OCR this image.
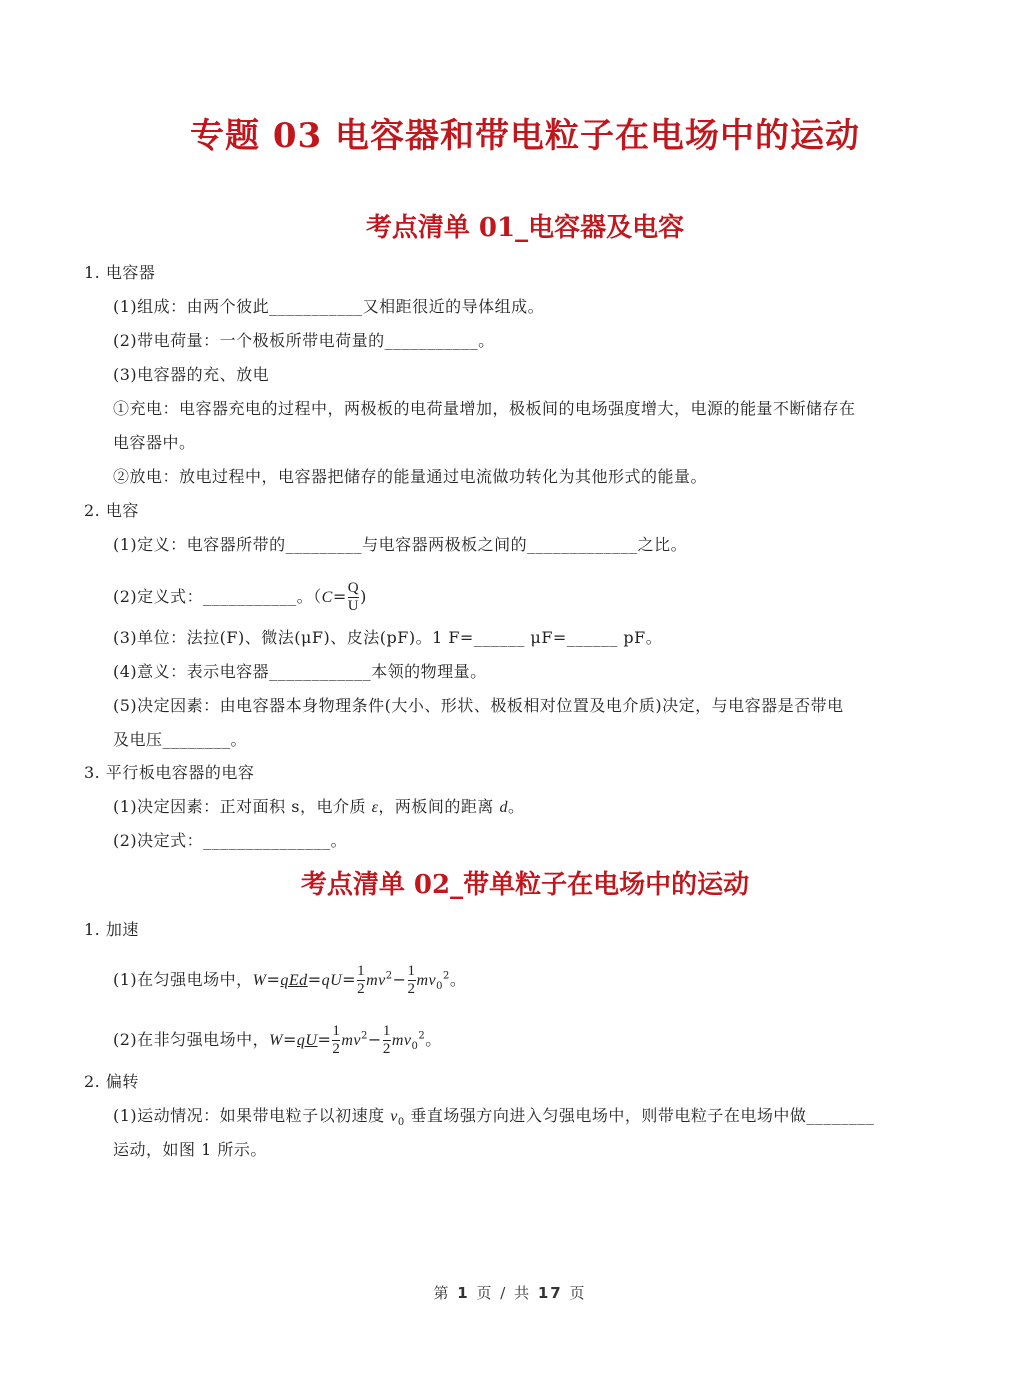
专题 03 电容器和带电粒子在电场中的运动
考点清单 01_电容器及电容
考点清单 02_带单粒子在电场中的运动
1. 电容器
(1)组成：由两个彼此___________又相距很近的导体组成。
(2)带电荷量：一个极板所带电荷量的___________。
(3)电容器的充、放电
①充电：电容器充电的过程中，两极板的电荷量增加，极板间的电场强度增大，电源的能量不断储存在
电容器中。
②放电：放电过程中，电容器把储存的能量通过电流做功转化为其他形式的能量。
2. 电容
(1)定义：电容器所带的_________与电容器两极板之间的_____________之比。
(2)定义式：___________。（$C= \frac{Q}{U}$ )
(3)单位：法拉(F)、微法(μF)、皮法(pF)。1 F=______ μF=______ pF。
(4)意义：表示电容器____________本领的物理量。
(5)决定因素：由电容器本身物理条件(大小、形状、极板相对位置及电介质)决定，与电容器是否带电
及电压________。
3. 平行板电容器的电容
(1)决定因素：正对面积 s，电介质 ε，两板间的距离 d。
(2)决定式：_______________。
1. 加速
(1)在匀强电场中，$W=qEd=qU= \frac{1}{2} mv^2- \frac{1}{2} mv_0^2$。
(2)在非匀强电场中，$W=qU= \frac{1}{2} mv^2- \frac{1}{2} mv_0^2$。
2. 偏转
(1)运动情况：如果带电粒子以初速度 $v_0$ 垂直场强方向进入匀强电场中，则带电粒子在电场中做________
运动，如图 1 所示。
第 1 页 / 共 17 页
